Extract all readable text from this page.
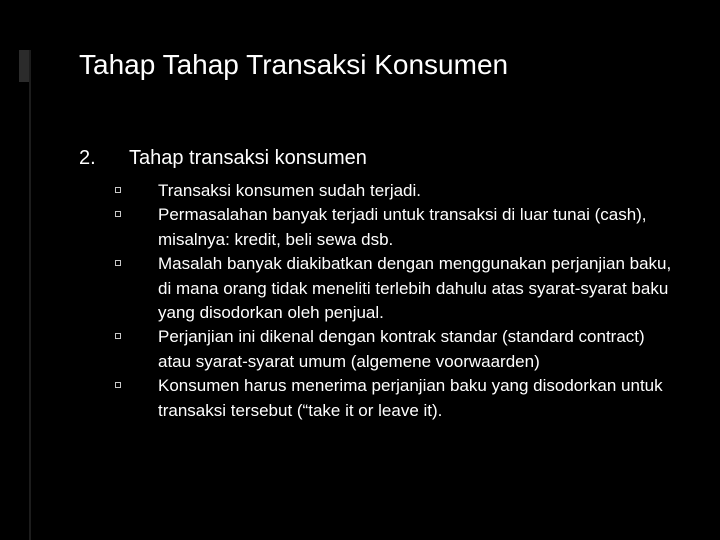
Tahap Tahap Transaksi Konsumen
2. Tahap transaksi konsumen
Transaksi konsumen sudah terjadi.
Permasalahan banyak terjadi untuk transaksi di luar tunai (cash), misalnya: kredit, beli sewa dsb.
Masalah banyak diakibatkan dengan menggunakan perjanjian baku, di mana orang tidak meneliti terlebih dahulu atas syarat-syarat baku yang disodorkan oleh penjual.
Perjanjian ini dikenal dengan kontrak standar (standard contract) atau syarat-syarat umum (algemene voorwaarden)
Konsumen harus menerima perjanjian baku yang disodorkan untuk transaksi tersebut (“take it or leave it).
